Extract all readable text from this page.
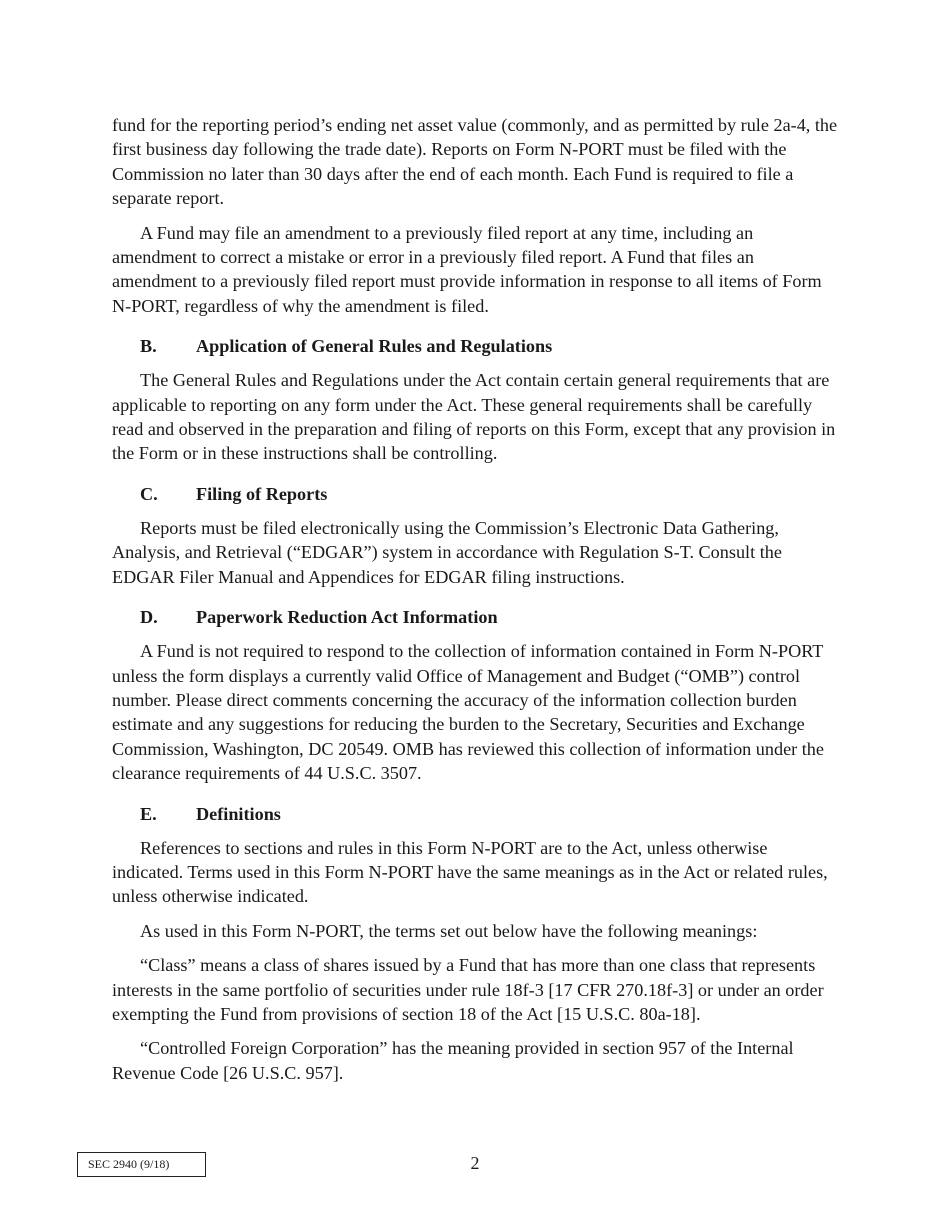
fund for the reporting period’s ending net asset value (commonly, and as permitted by rule 2a-4, the first business day following the trade date). Reports on Form N-PORT must be filed with the Commission no later than 30 days after the end of each month. Each Fund is required to file a separate report.

A Fund may file an amendment to a previously filed report at any time, including an amendment to correct a mistake or error in a previously filed report. A Fund that files an amendment to a previously filed report must provide information in response to all items of Form N-PORT, regardless of why the amendment is filed.

B.	Application of General Rules and Regulations

The General Rules and Regulations under the Act contain certain general requirements that are applicable to reporting on any form under the Act. These general requirements shall be carefully read and observed in the preparation and filing of reports on this Form, except that any provision in the Form or in these instructions shall be controlling.

C.	Filing of Reports

Reports must be filed electronically using the Commission’s Electronic Data Gathering, Analysis, and Retrieval (“EDGAR”) system in accordance with Regulation S-T. Consult the EDGAR Filer Manual and Appendices for EDGAR filing instructions.

D.	Paperwork Reduction Act Information

A Fund is not required to respond to the collection of information contained in Form N-PORT unless the form displays a currently valid Office of Management and Budget (“OMB”) control number. Please direct comments concerning the accuracy of the information collection burden estimate and any suggestions for reducing the burden to the Secretary, Securities and Exchange Commission, Washington, DC 20549. OMB has reviewed this collection of information under the clearance requirements of 44 U.S.C. 3507.

E.	Definitions

References to sections and rules in this Form N-PORT are to the Act, unless otherwise indicated. Terms used in this Form N-PORT have the same meanings as in the Act or related rules, unless otherwise indicated.

As used in this Form N-PORT, the terms set out below have the following meanings:

“Class” means a class of shares issued by a Fund that has more than one class that represents interests in the same portfolio of securities under rule 18f-3 [17 CFR 270.18f-3] or under an order exempting the Fund from provisions of section 18 of the Act [15 U.S.C. 80a-18].

“Controlled Foreign Corporation” has the meaning provided in section 957 of the Internal Revenue Code [26 U.S.C. 957].

SEC 2940 (9/18)	2
